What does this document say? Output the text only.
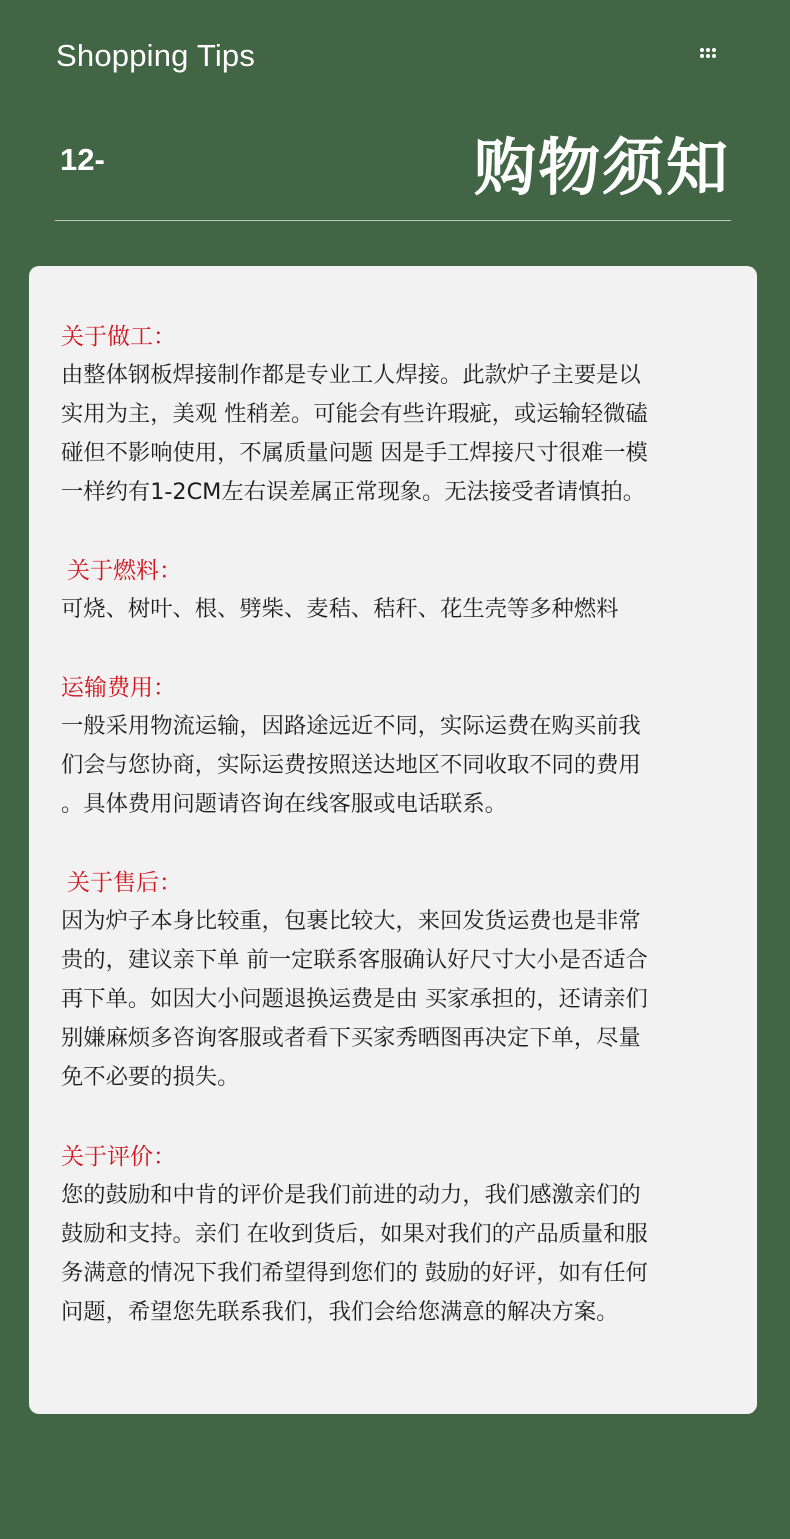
Shopping Tips
12-	购物须知
关于做工：
由整体钢板焊接制作都是专业工人焊接。此款炉子主要是以
实用为主，美观 性稍差。可能会有些许瑕疵，或运输轻微磕
碰但不影响使用，不属质量问题 因是手工焊接尺寸很难一模
一样约有1-2CM左右误差属正常现象。无法接受者请慎拍。
关于燃料：
可烧、树叶、根、劈柴、麦秸、秸秆、花生壳等多种燃料
运输费用：
一般采用物流运输，因路途远近不同，实际运费在购买前我
们会与您协商，实际运费按照送达地区不同收取不同的费用
。具体费用问题请咨询在线客服或电话联系。
关于售后：
因为炉子本身比较重，包裹比较大，来回发货运费也是非常
贵的，建议亲下单 前一定联系客服确认好尺寸大小是否适合
再下单。如因大小问题退换运费是由 买家承担的，还请亲们
别嫌麻烦多咨询客服或者看下买家秀晒图再决定下单，尽量
免不必要的损失。
关于评价：
您的鼓励和中肯的评价是我们前进的动力，我们感激亲们的
鼓励和支持。亲们 在收到货后，如果对我们的产品质量和服
务满意的情况下我们希望得到您们的 鼓励的好评，如有任何
问题，希望您先联系我们，我们会给您满意的解决方案。
